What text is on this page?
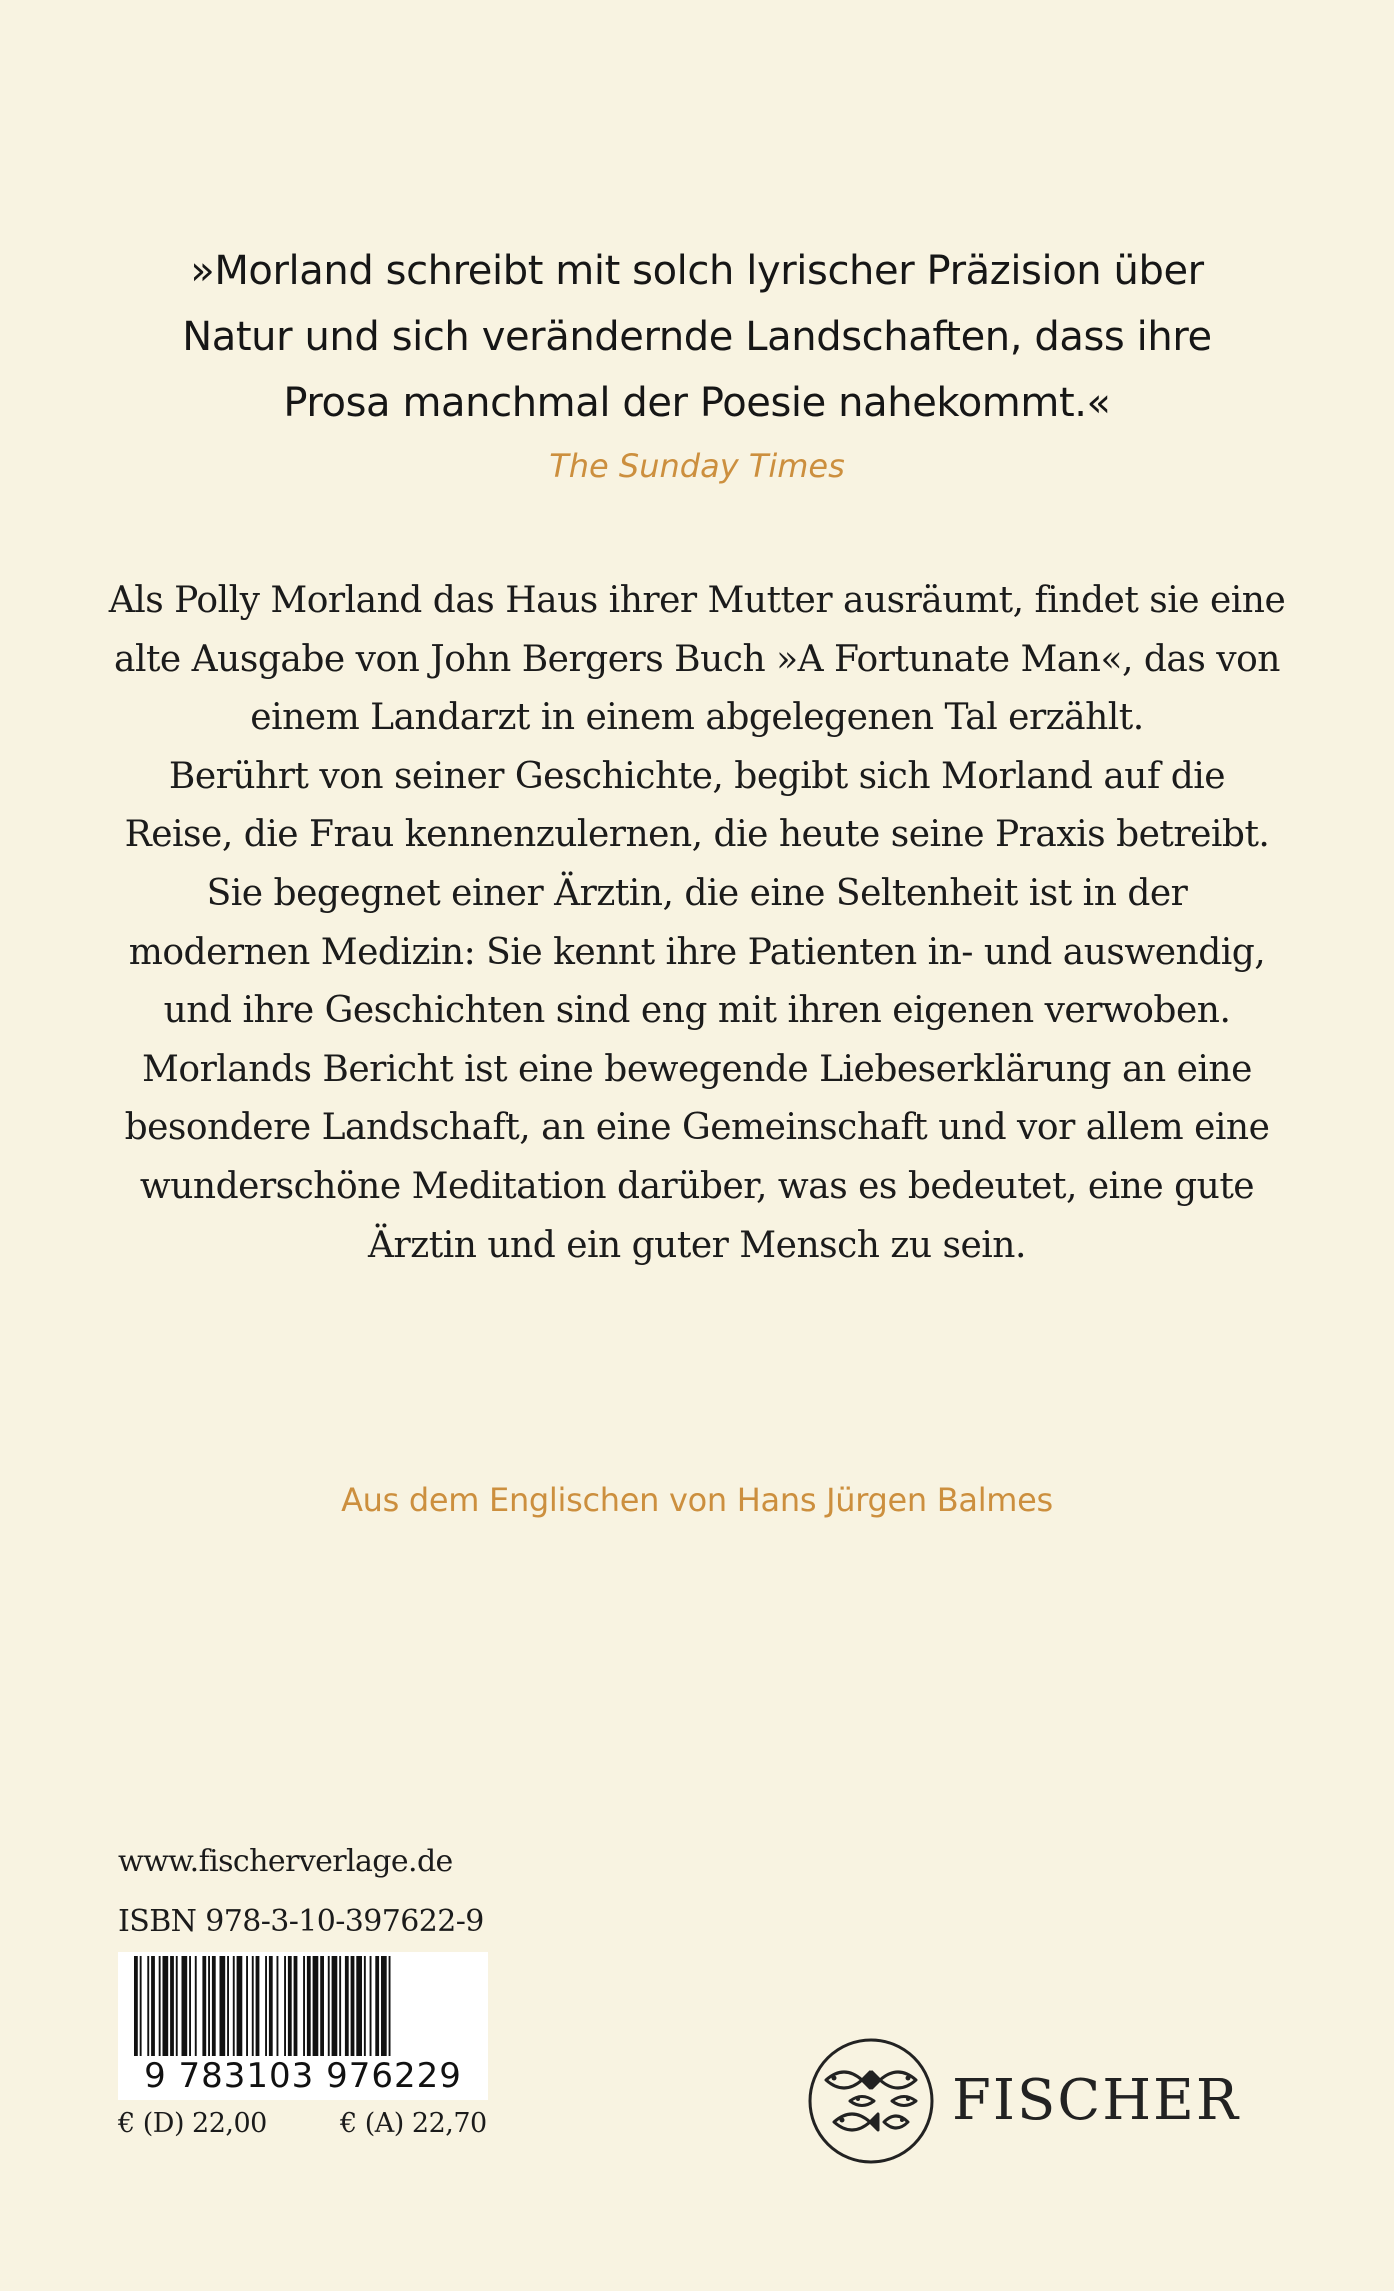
»Morland schreibt mit solch lyrischer Präzision über
Natur und sich verändernde Landschaften, dass ihre
Prosa manchmal der Poesie nahekommt.«
The Sunday Times
Als Polly Morland das Haus ihrer Mutter ausräumt, findet sie eine
alte Ausgabe von John Bergers Buch »A Fortunate Man«, das von
einem Landarzt in einem abgelegenen Tal erzählt.
Berührt von seiner Geschichte, begibt sich Morland auf die
Reise, die Frau kennenzulernen, die heute seine Praxis betreibt.
Sie begegnet einer Ärztin, die eine Seltenheit ist in der
modernen Medizin: Sie kennt ihre Patienten in- und auswendig,
und ihre Geschichten sind eng mit ihren eigenen verwoben.
Morlands Bericht ist eine bewegende Liebeserklärung an eine
besondere Landschaft, an eine Gemeinschaft und vor allem eine
wunderschöne Meditation darüber, was es bedeutet, eine gute
Ärztin und ein guter Mensch zu sein.
Aus dem Englischen von Hans Jürgen Balmes
www.fischerverlage.de
ISBN 978-3-10-397622-9
9 783103 976229
€ (D) 22,00	€ (A) 22,70	FISCHER
